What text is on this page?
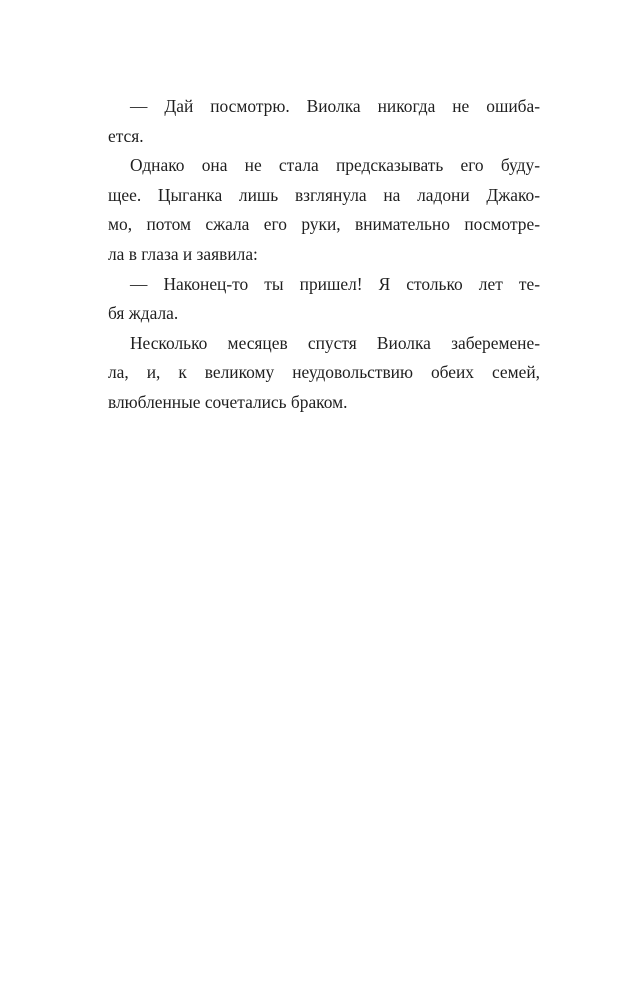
— Дай посмотрю. Виолка никогда не ошиба-
ется.
Однако она не стала предсказывать его буду-
щее. Цыганка лишь взглянула на ладони Джако-
мо, потом сжала его руки, внимательно посмотре-
ла в глаза и заявила:
— Наконец-то ты пришел! Я столько лет те-
бя ждала.
Несколько месяцев спустя Виолка забеременe-
ла, и, к великому неудовольствию обеих семей,
влюбленные сочетались браком.
